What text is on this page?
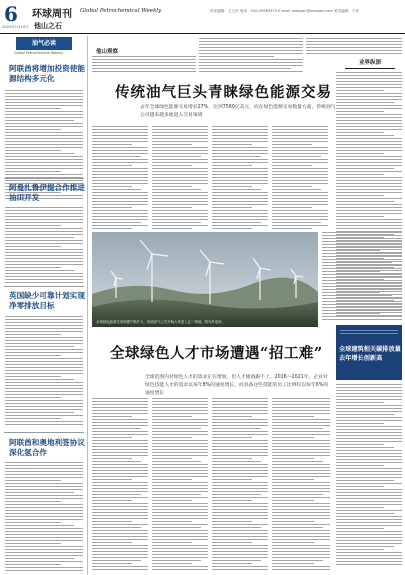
6
2024年1月19日
环球周刊 Global Petrochemical Weekly
他山之石
责任编辑：王文杰 电话：010-59963375 E-mail: wangwj.@sinopec.com 美术编辑：于洋
油气必读
Global Petrochemical Weekly
阿联酋将增加投资使能源结构多元化
阿曼扎鲁伊提合作推进油田开发
英国缺少可靠计划实现净零排放目标
阿联酋和奥地利签协议深化氢合作
他山观察
业界纵深
传统油气巨头青睐绿色能源交易
去年全球绿色能源交易增长27%，达到7560亿美元，而在绿色能源交易数量方面，传统油气公司越来越多地进入交易领域
全球绿色能源交易规模不断扩大，传统油气公司开始大举进入这一领域。图为风电场。
全球绿色人才市场遭遇“招工难”
全球范围内对绿色人才的需求正在增加，但人才储备跟不上。2016～2021年，企业对绿色技能人才的需求以每年8%的速度增长，而具备这些技能的员工比例仅以每年6%的速度增长
全球建筑相关碳排放量去年增长创新高
